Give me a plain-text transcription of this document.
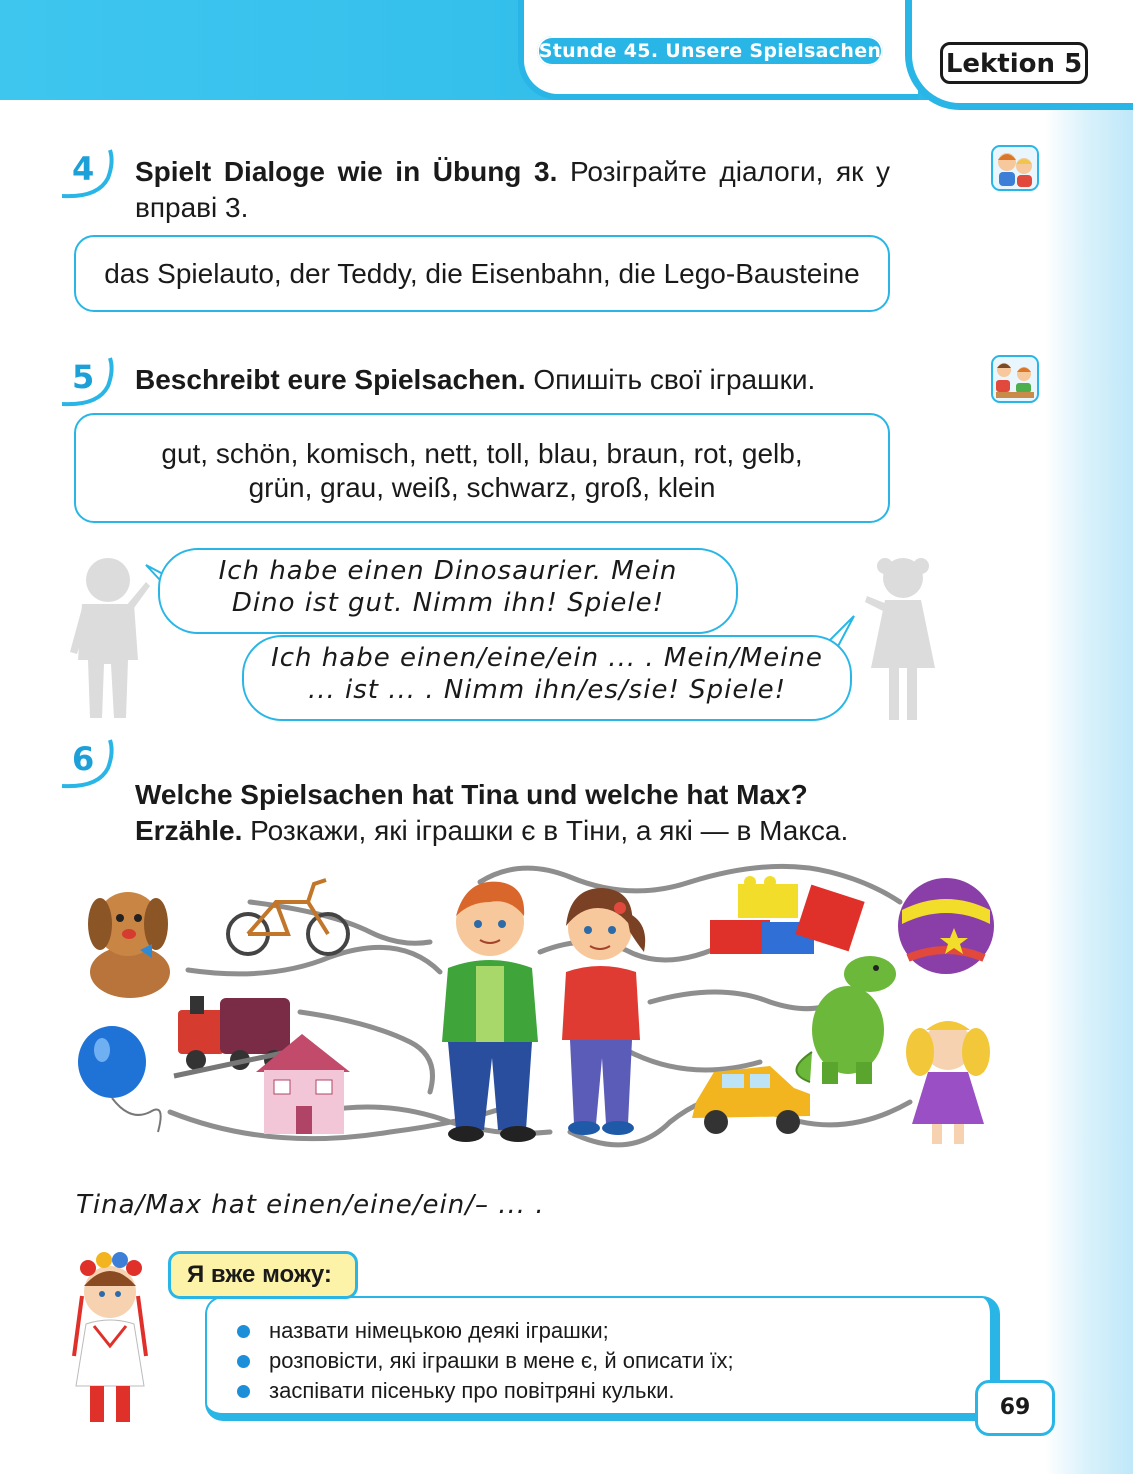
Stunde 45. Unsere Spielsachen Lektion 5
4 Spielt Dialoge wie in Übung 3. Розіграйте діалоги, як у вправі 3.
das Spielauto, der Teddy, die Eisenbahn, die Lego-Bausteine
5 Beschreibt eure Spielsachen. Опишіть свої іграшки.
gut, schön, komisch, nett, toll, blau, braun, rot, gelb,
grün, grau, weiß, schwarz, groß, klein
Ich habe einen Dinosaurier. Mein
Dino ist gut. Nimm ihn! Spiele!
Ich habe einen/eine/ein ... . Mein/Meine
... ist ... . Nimm ihn/es/sie! Spiele!
6
Welche Spielsachen hat Tina und welche hat Max?
Erzähle. Розкажи, які іграшки є в Тіни, а які — в Макса.
Tina/Max hat einen/eine/ein/– ... .
назвати німецькою деякі іграшки;
розповісти, які іграшки в мене є, й описати їх;
заспівати пісеньку про повітряні кульки.
Я вже можу:
69
